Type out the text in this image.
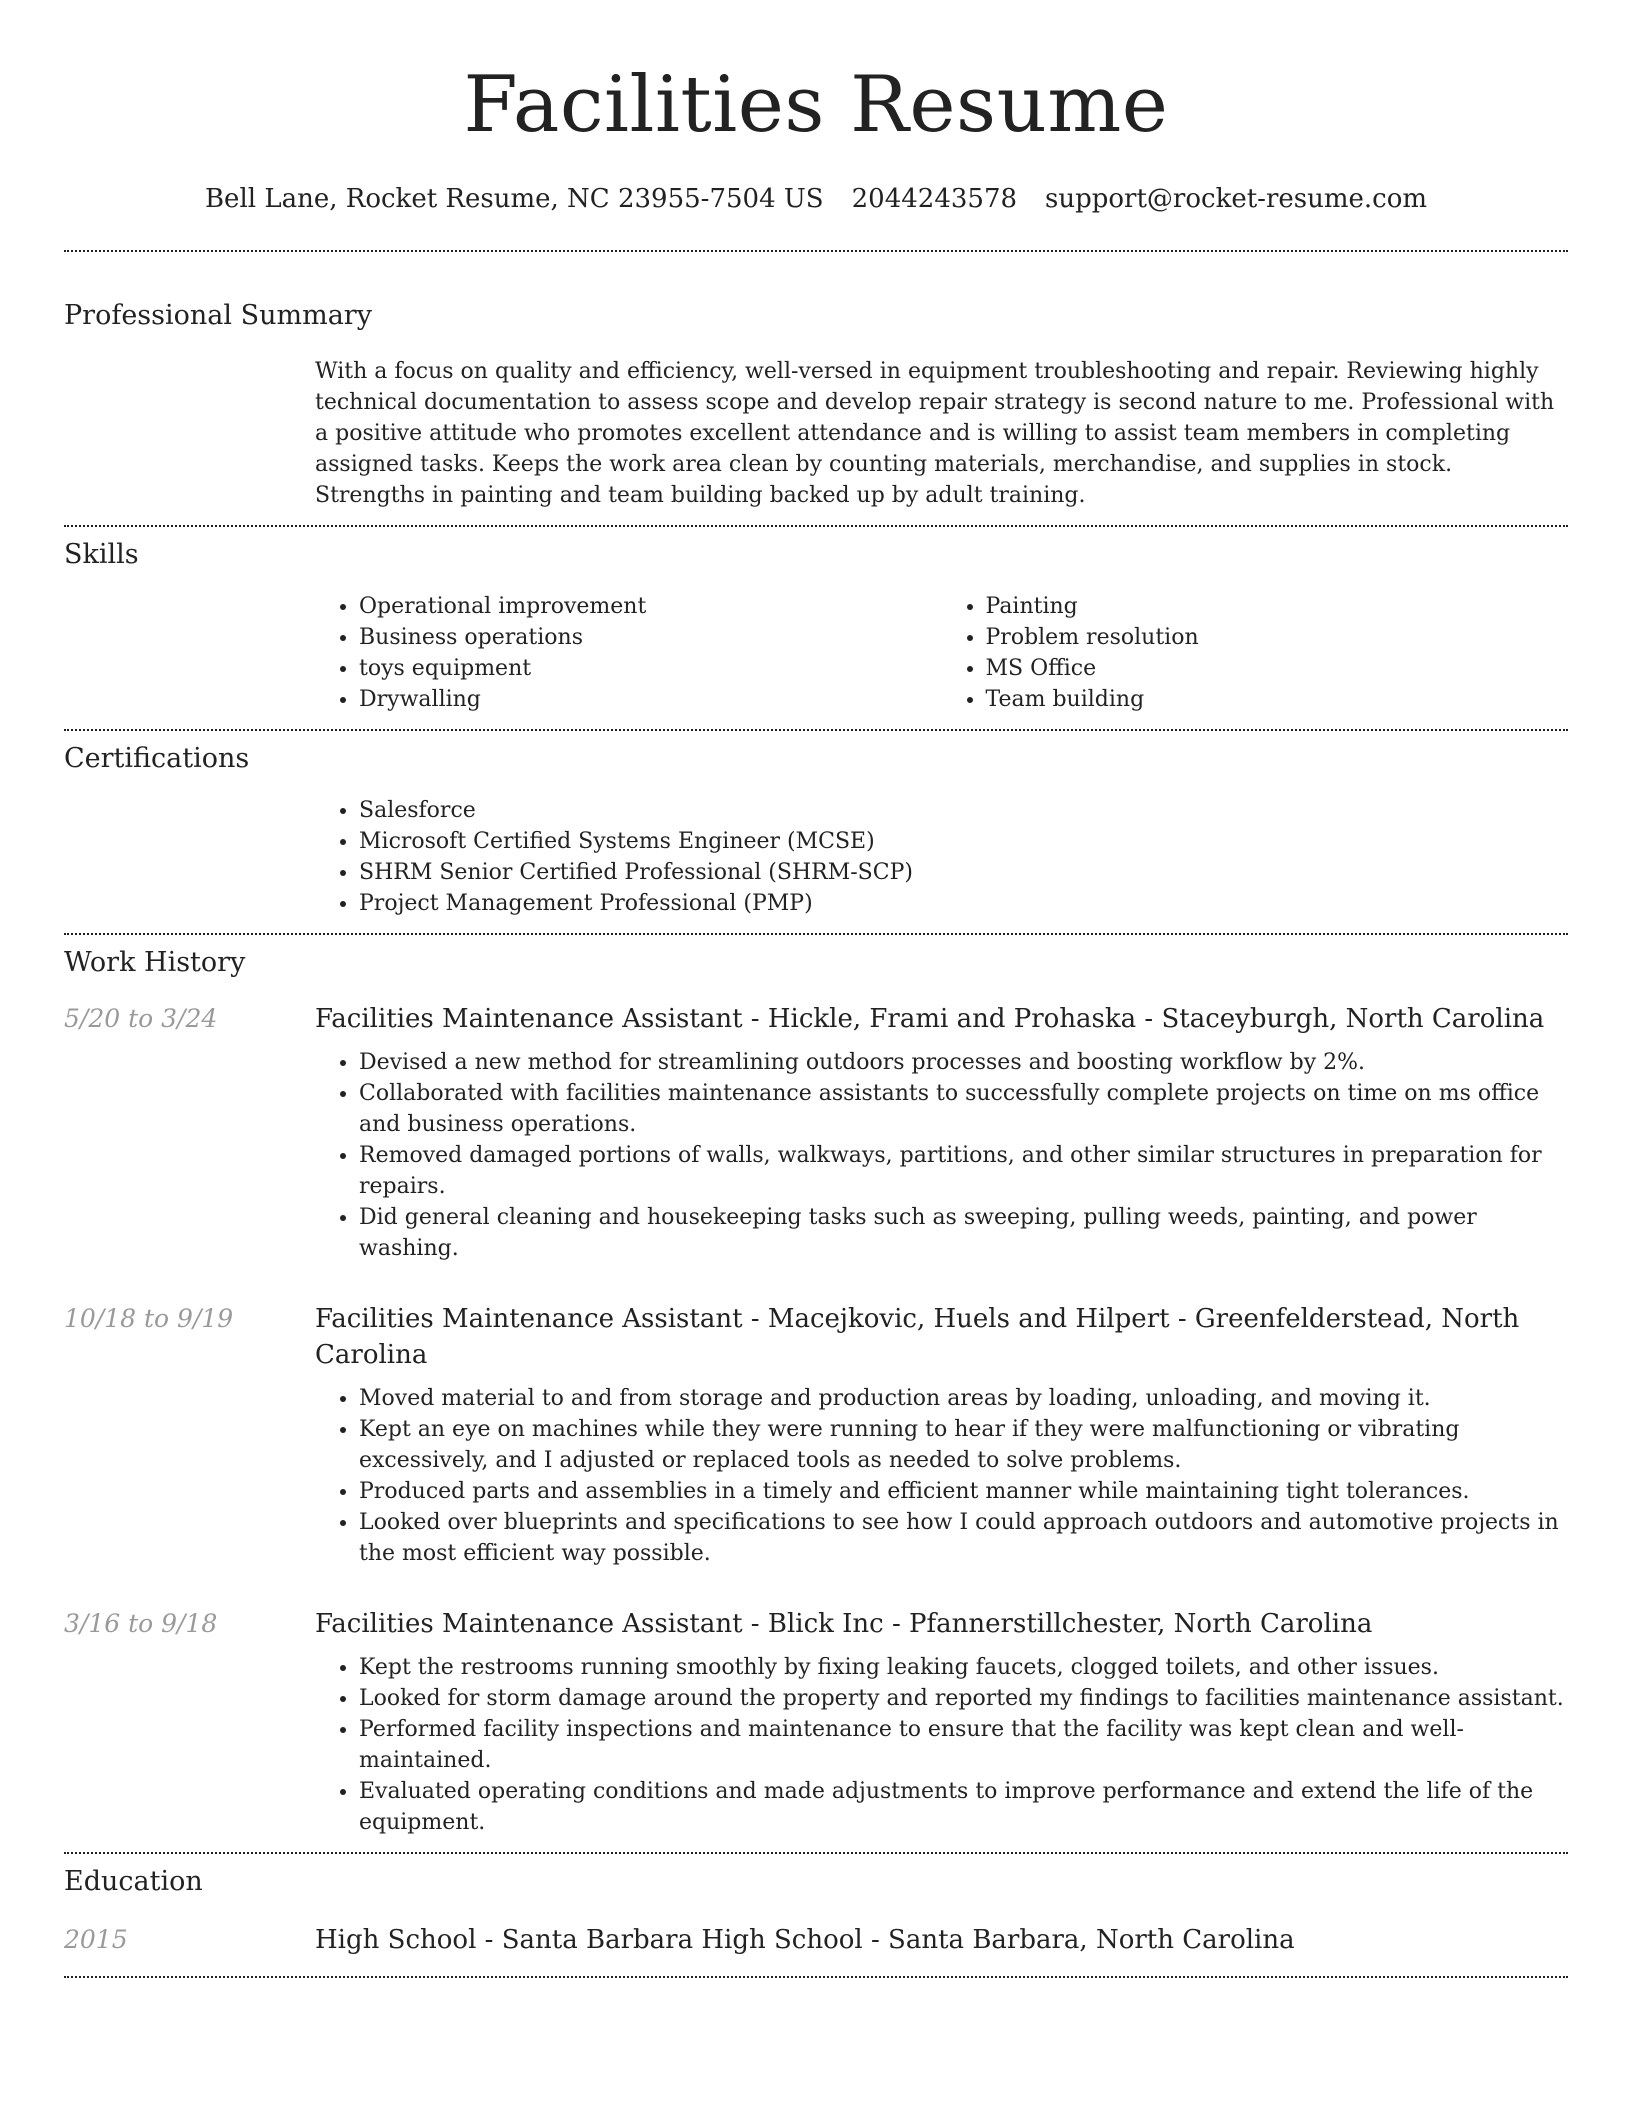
Facilities Resume
Bell Lane, Rocket Resume, NC 23955-7504 US 2044243578 support@rocket-resume.com
Professional Summary

With a focus on quality and efficiency, well-versed in equipment troubleshooting and repair. Reviewing highly technical documentation to assess scope and develop repair strategy is second nature to me. Professional with a positive attitude who promotes excellent attendance and is willing to assist team members in completing assigned tasks. Keeps the work area clean by counting materials, merchandise, and supplies in stock. Strengths in painting and team building backed up by adult training.

Skills
• Operational improvement
• Business operations
• toys equipment
• Drywalling
• Painting
• Problem resolution
• MS Office
• Team building
Certifications
• Salesforce
• Microsoft Certified Systems Engineer (MCSE)
• SHRM Senior Certified Professional (SHRM-SCP)
• Project Management Professional (PMP)
Work History
5/20 to 3/24	Facilities Maintenance Assistant - Hickle, Frami and Prohaska - Staceyburgh, North Carolina
• Devised a new method for streamlining outdoors processes and boosting workflow by 2%.
• Collaborated with facilities maintenance assistants to successfully complete projects on time on ms office and business operations.
• Removed damaged portions of walls, walkways, partitions, and other similar structures in preparation for repairs.
• Did general cleaning and housekeeping tasks such as sweeping, pulling weeds, painting, and power washing.
10/18 to 9/19	Facilities Maintenance Assistant - Macejkovic, Huels and Hilpert - Greenfelderstead, North Carolina
• Moved material to and from storage and production areas by loading, unloading, and moving it.
• Kept an eye on machines while they were running to hear if they were malfunctioning or vibrating excessively, and I adjusted or replaced tools as needed to solve problems.
• Produced parts and assemblies in a timely and efficient manner while maintaining tight tolerances.
• Looked over blueprints and specifications to see how I could approach outdoors and automotive projects in the most efficient way possible.
3/16 to 9/18	Facilities Maintenance Assistant - Blick Inc - Pfannerstillchester, North Carolina
• Kept the restrooms running smoothly by fixing leaking faucets, clogged toilets, and other issues.
• Looked for storm damage around the property and reported my findings to facilities maintenance assistant.
• Performed facility inspections and maintenance to ensure that the facility was kept clean and well-maintained.
• Evaluated operating conditions and made adjustments to improve performance and extend the life of the equipment.
Education
2015	High School - Santa Barbara High School - Santa Barbara, North Carolina
